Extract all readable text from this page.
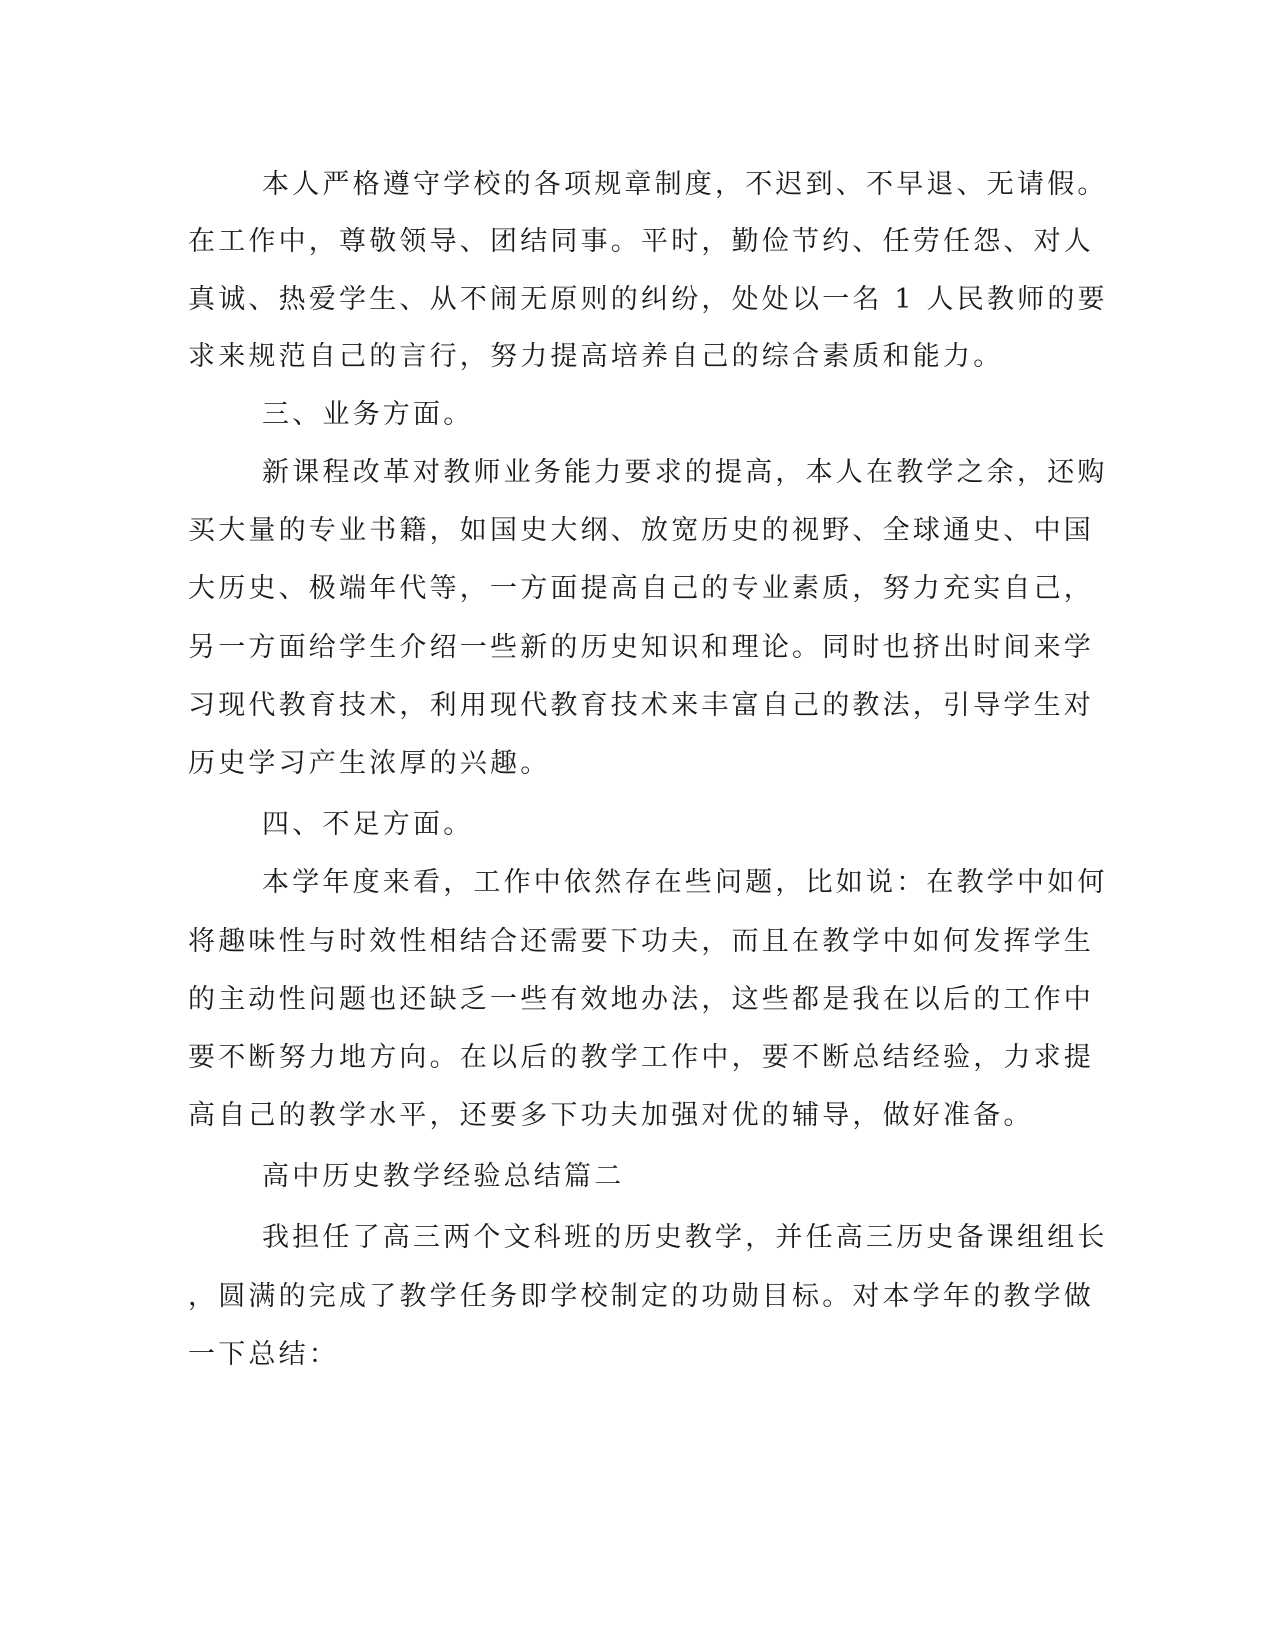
本人严格遵守学校的各项规章制度，不迟到、不早退、无请假。
在工作中，尊敬领导、团结同事。平时，勤俭节约、任劳任怨、对人
真诚、热爱学生、从不闹无原则的纠纷，处处以一名 1 人民教师的要
求来规范自己的言行，努力提高培养自己的综合素质和能力。
三、业务方面。
新课程改革对教师业务能力要求的提高，本人在教学之余，还购
买大量的专业书籍，如国史大纲、放宽历史的视野、全球通史、中国
大历史、极端年代等，一方面提高自己的专业素质，努力充实自己，
另一方面给学生介绍一些新的历史知识和理论。同时也挤出时间来学
习现代教育技术，利用现代教育技术来丰富自己的教法，引导学生对
历史学习产生浓厚的兴趣。
四、不足方面。
本学年度来看，工作中依然存在些问题，比如说：在教学中如何
将趣味性与时效性相结合还需要下功夫，而且在教学中如何发挥学生
的主动性问题也还缺乏一些有效地办法，这些都是我在以后的工作中
要不断努力地方向。在以后的教学工作中，要不断总结经验，力求提
高自己的教学水平，还要多下功夫加强对优的辅导，做好准备。
高中历史教学经验总结篇二
我担任了高三两个文科班的历史教学，并任高三历史备课组组长
，圆满的完成了教学任务即学校制定的功勋目标。对本学年的教学做
一下总结：
